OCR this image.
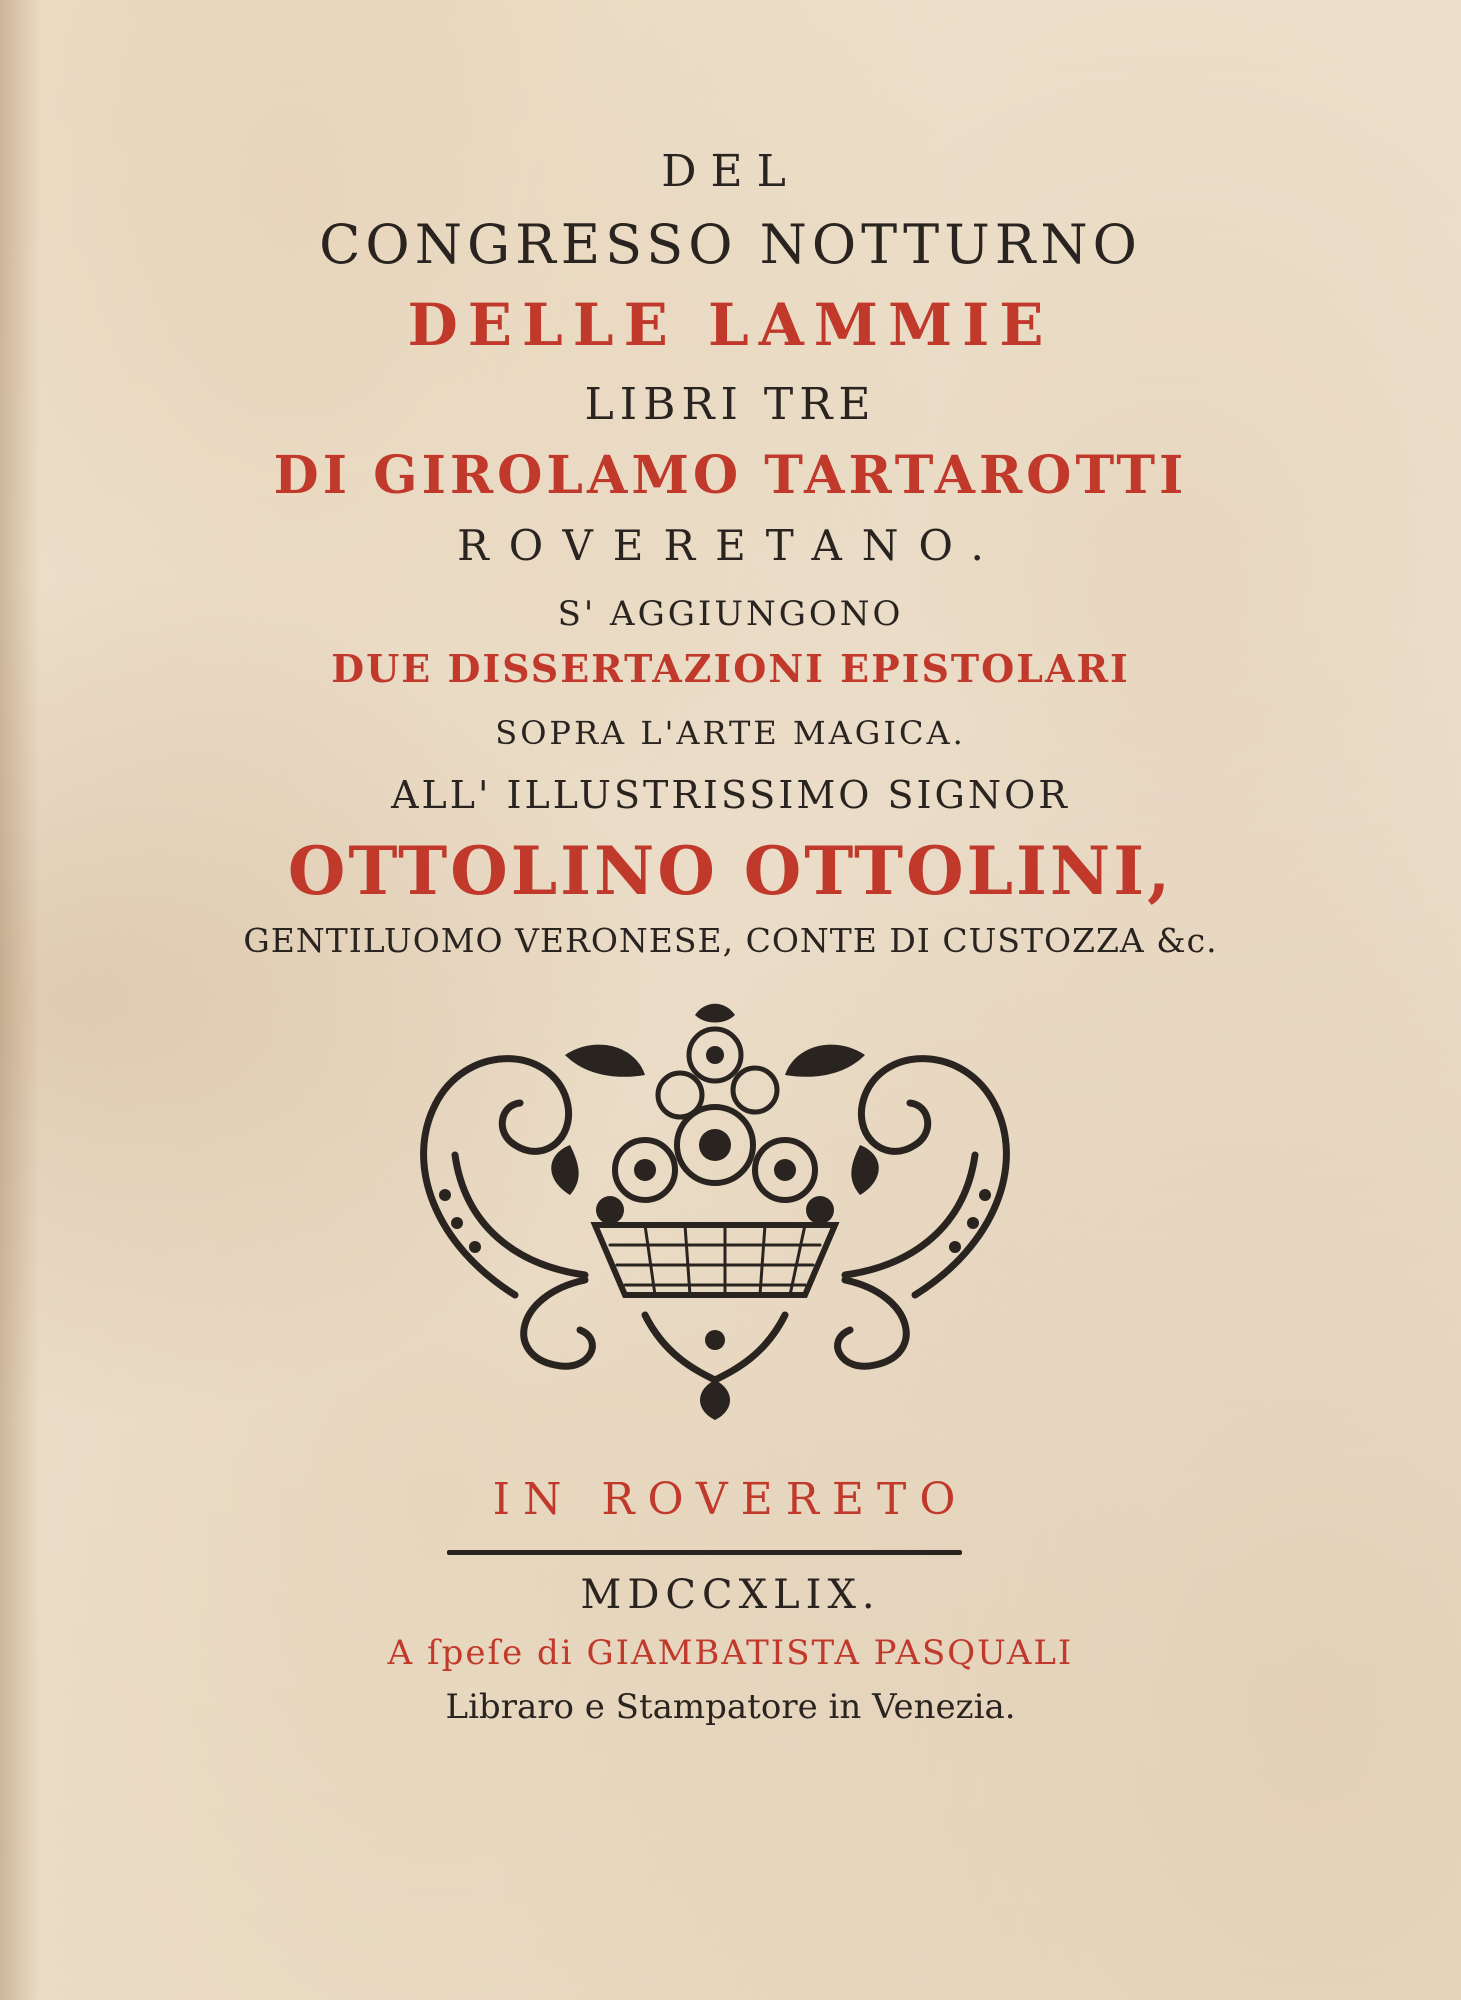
DEL
CONGRESSO NOTTURNO
DELLE LAMMIE
LIBRI TRE
DI GIROLAMO TARTAROTTI
ROVERETANO.
S' AGGIUNGONO
DUE DISSERTAZIONI EPISTOLARI
SOPRA L'ARTE MAGICA.
ALL' ILLUSTRISSIMO SIGNOR
OTTOLINO OTTOLINI,
GENTILUOMO VERONESE, CONTE DI CUSTOZZA &c.
IN ROVERETO
MDCCXLIX.
A ſpeſe di GIAMBATISTA PASQUALI
Libraro e Stampatore in Venezia.
